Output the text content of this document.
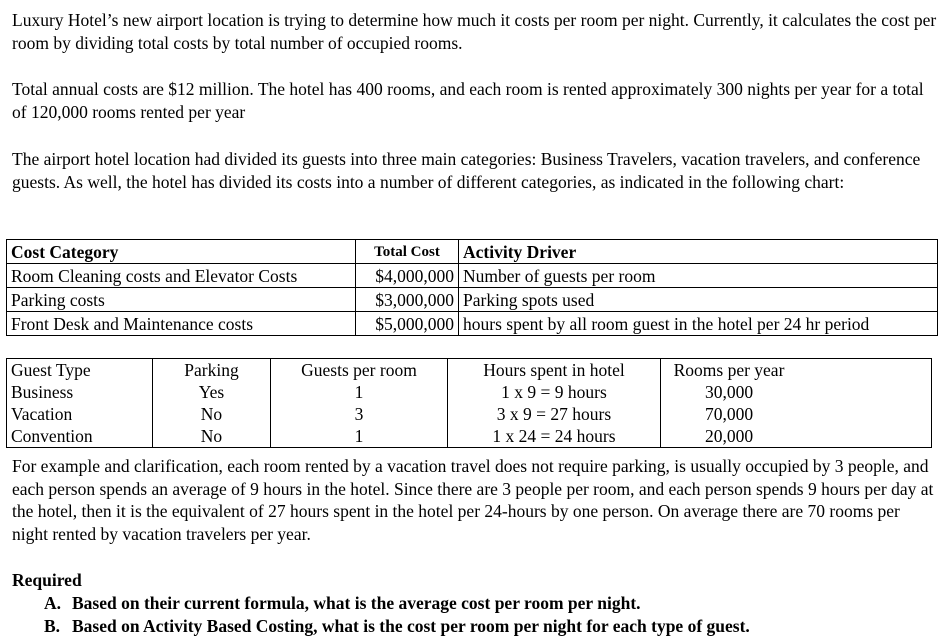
Luxury Hotel’s new airport location is trying to determine how much it costs per room per night. Currently, it calculates the cost per room by dividing total costs by total number of occupied rooms.

Total annual costs are $12 million. The hotel has 400 rooms, and each room is rented approximately 300 nights per year for a total of 120,000 rooms rented per year

The airport hotel location had divided its guests into three main categories: Business Travelers, vacation travelers, and conference guests. As well, the hotel has divided its costs into a number of different categories, as indicated in the following chart:

Cost Category	Total Cost	Activity Driver
Room Cleaning costs and Elevator Costs	$4,000,000	Number of guests per room
Parking costs	$3,000,000	Parking spots used
Front Desk and Maintenance costs	$5,000,000	hours spent by all room guest in the hotel per 24 hr period
Guest Type	Parking	Guests per room	Hours spent in hotel	Rooms per year
Business	Yes	1	1 x 9 = 9 hours	30,000
Vacation	No	3	3 x 9 = 27 hours	70,000
Convention	No	1	1 x 24 = 24 hours	20,000

For example and clarification, each room rented by a vacation travel does not require parking, is usually occupied by 3 people, and each person spends an average of 9 hours in the hotel. Since there are 3 people per room, and each person spends 9 hours per day at the hotel, then it is the equivalent of 27 hours spent in the hotel per 24-hours by one person. On average there are 70 rooms per night rented by vacation travelers per year.

Required

A. Based on their current formula, what is the average cost per room per night.
B. Based on Activity Based Costing, what is the cost per room per night for each type of guest.
